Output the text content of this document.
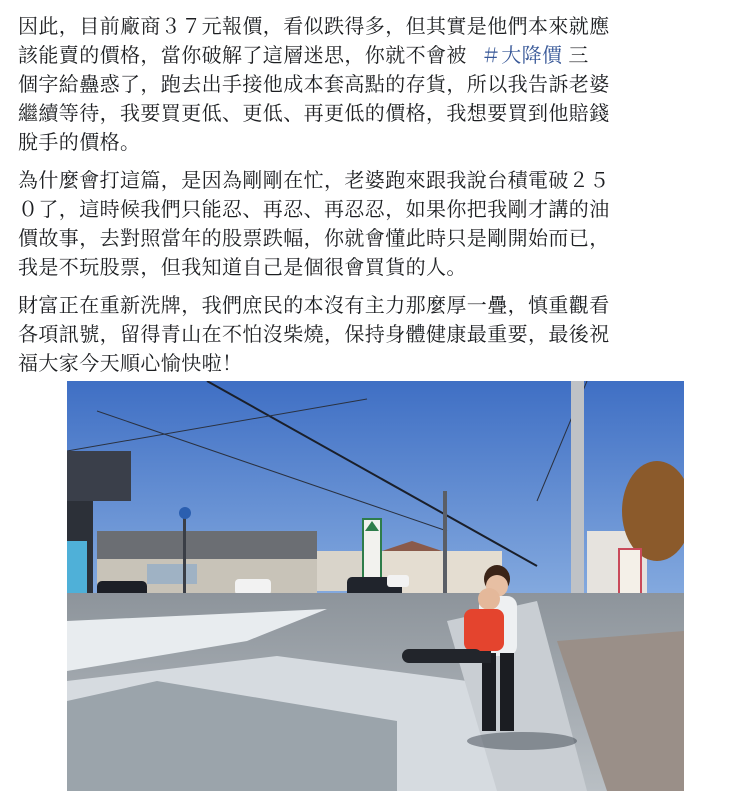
因此，目前廠商３７元報價，看似跌得多，但其實是他們本來就應
該能賣的價格，當你破解了這層迷思，你就不會被 ＃大降價 三
個字給蠱惑了，跑去出手接他成本套高點的存貨，所以我告訴老婆
繼續等待，我要買更低、更低、再更低的價格，我想要買到他賠錢
脫手的價格。

為什麼會打這篇，是因為剛剛在忙，老婆跑來跟我說台積電破２５
０了，這時候我們只能忍、再忍、再忍忍，如果你把我剛才講的油
價故事，去對照當年的股票跌幅，你就會懂此時只是剛開始而已，
我是不玩股票，但我知道自己是個很會買貨的人。

財富正在重新洗牌，我們庶民的本沒有主力那麼厚一疊，慎重觀看
各項訊號，留得青山在不怕沒柴燒，保持身體健康最重要，最後祝
福大家今天順心愉快啦！
